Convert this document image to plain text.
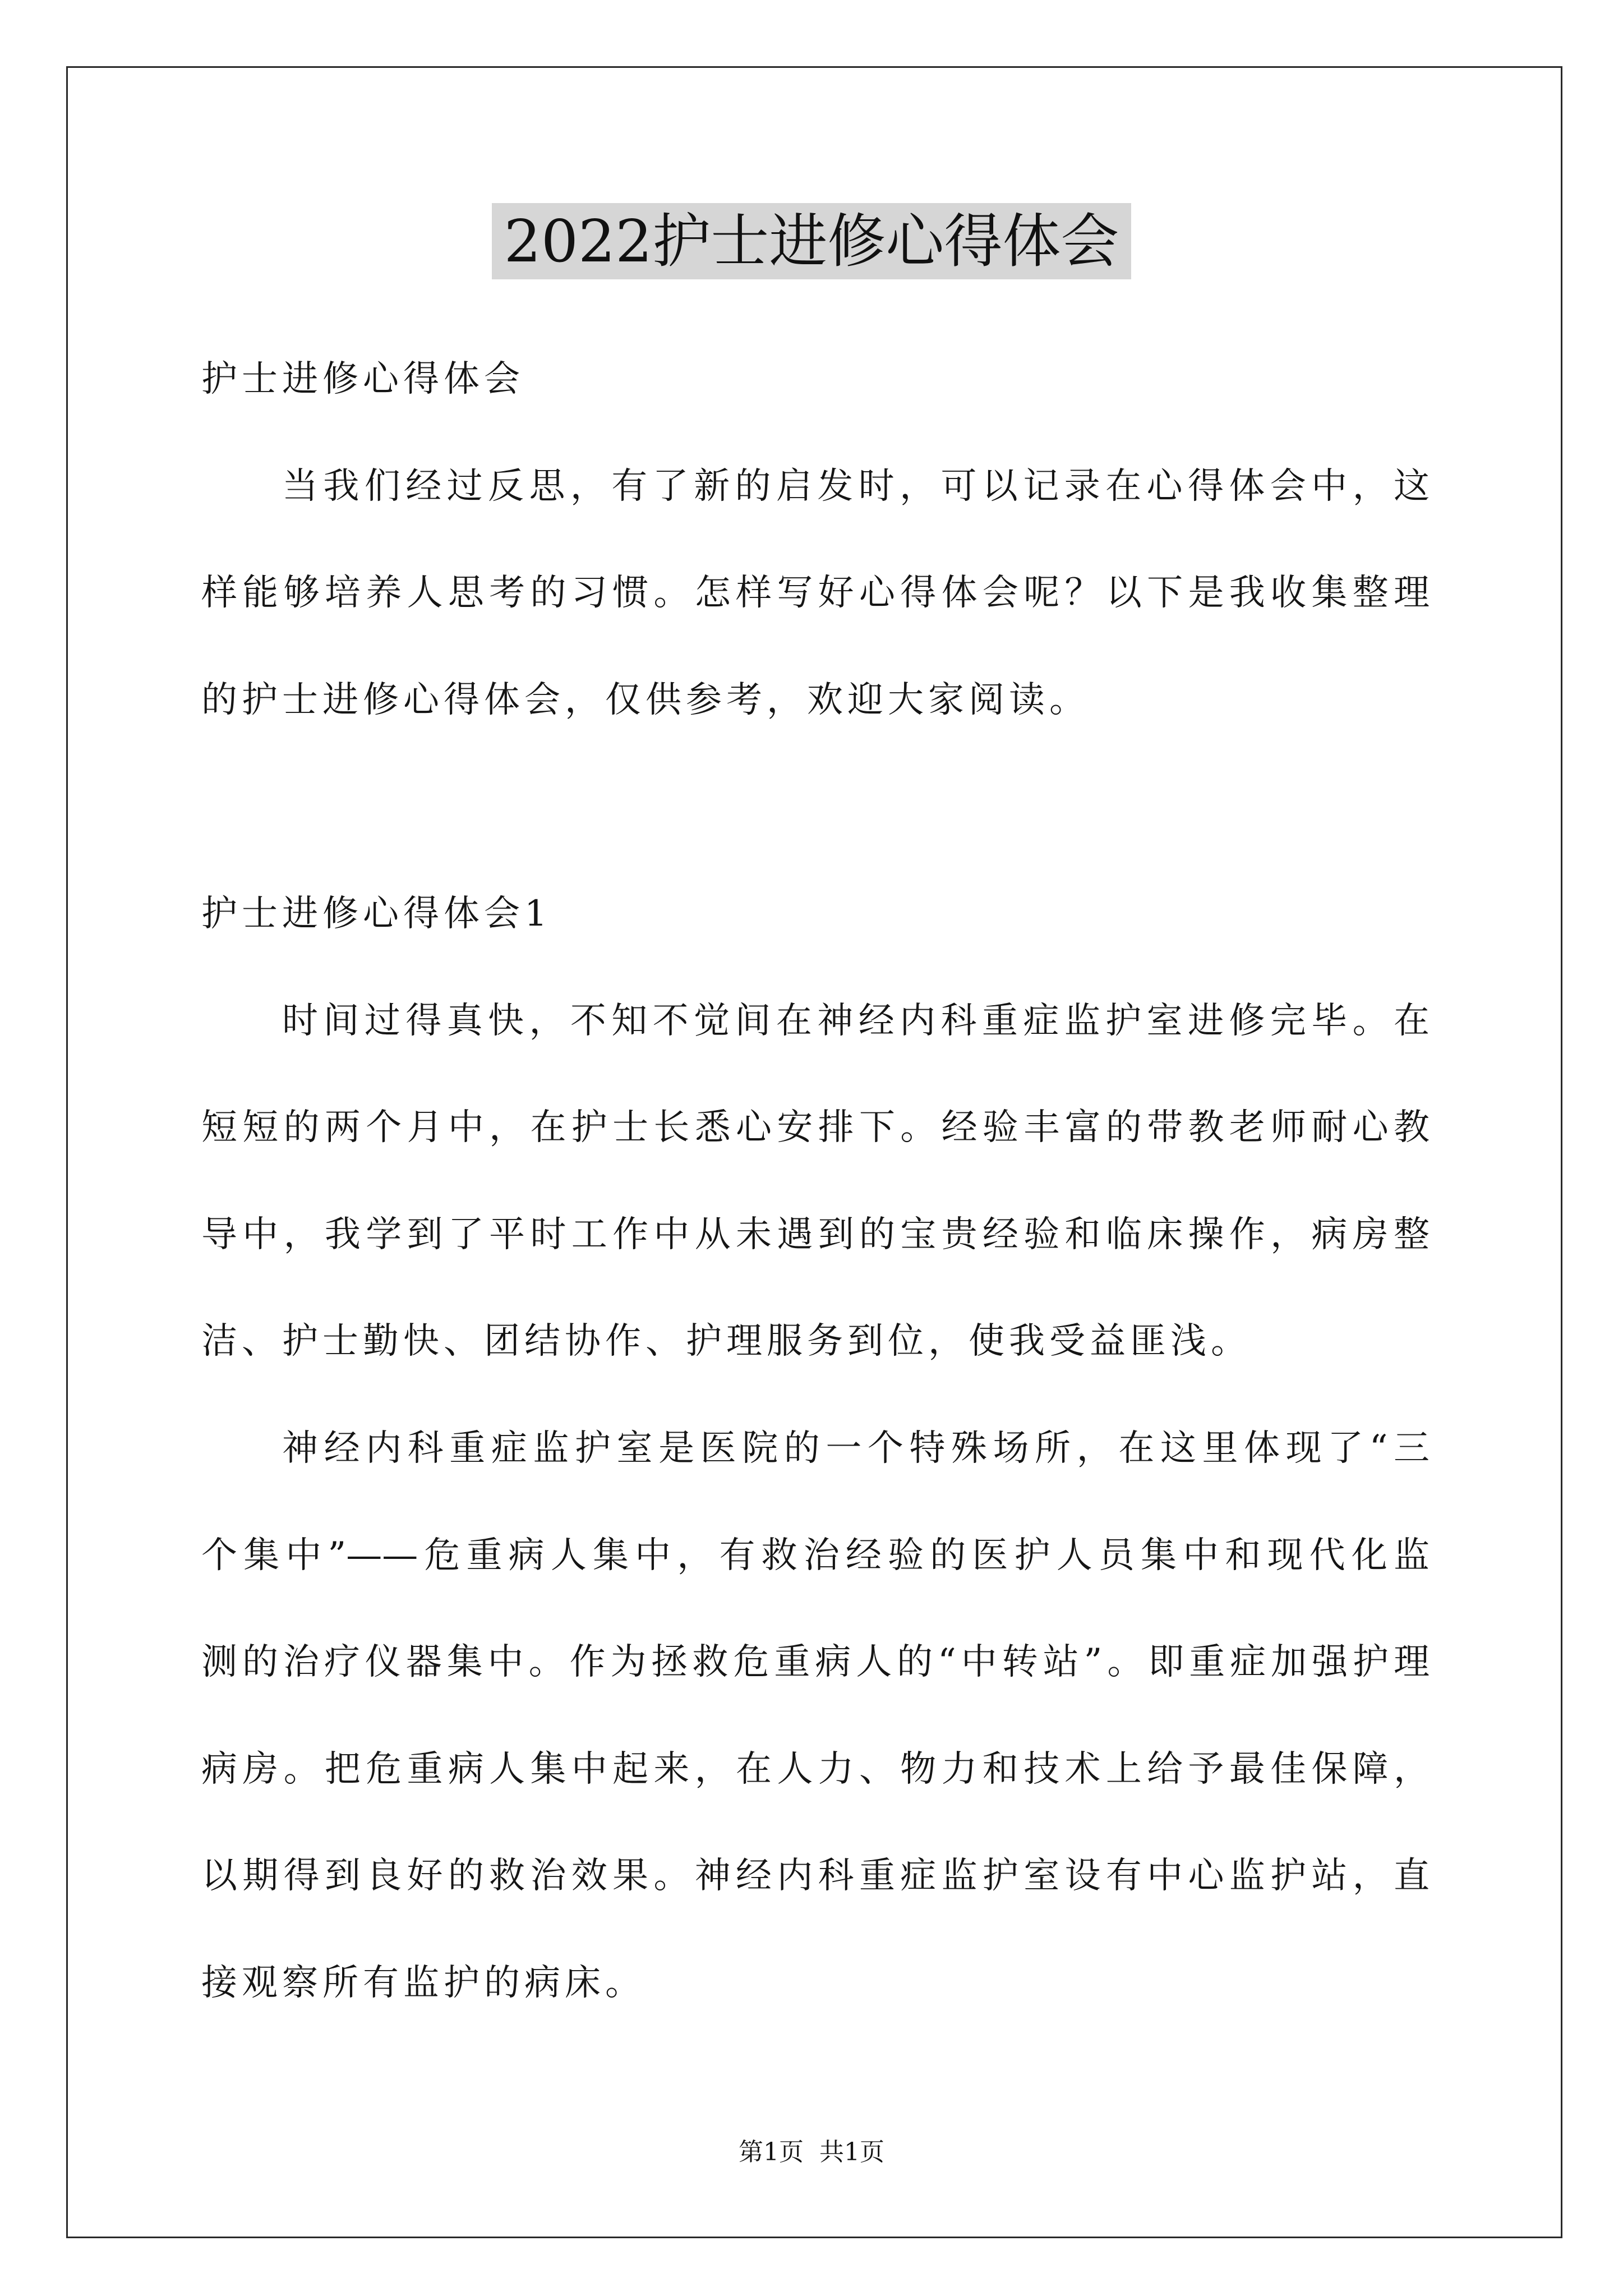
2022护士进修心得体会
护士进修心得体会
当我们经过反思，有了新的启发时，可以记录在心得体会中，这
样能够培养人思考的习惯。怎样写好心得体会呢？以下是我收集整理
的护士进修心得体会，仅供参考，欢迎大家阅读。
护士进修心得体会1
时间过得真快，不知不觉间在神经内科重症监护室进修完毕。在
短短的两个月中，在护士长悉心安排下。经验丰富的带教老师耐心教
导中，我学到了平时工作中从未遇到的宝贵经验和临床操作，病房整
洁、护士勤快、团结协作、护理服务到位，使我受益匪浅。
神经内科重症监护室是医院的一个特殊场所，在这里体现了“三
个集中”——危重病人集中，有救治经验的医护人员集中和现代化监
测的治疗仪器集中。作为拯救危重病人的“中转站”。即重症加强护理
病房。把危重病人集中起来，在人力、物力和技术上给予最佳保障，
以期得到良好的救治效果。神经内科重症监护室设有中心监护站，直
接观察所有监护的病床。
第1页  共1页
